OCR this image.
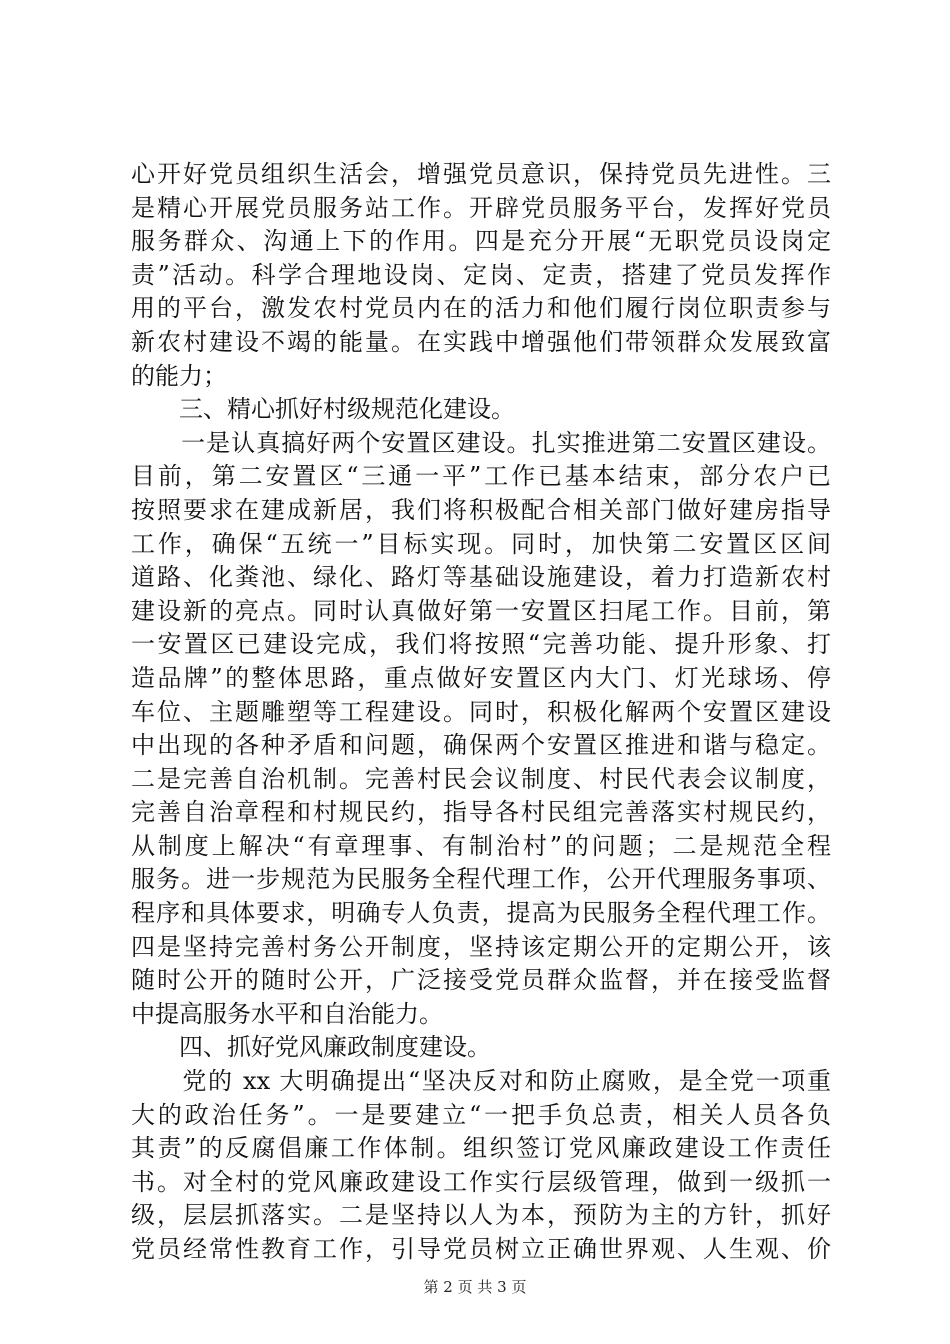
心开好党员组织生活会，增强党员意识，保持党员先进性。三
是精心开展党员服务站工作。开辟党员服务平台，发挥好党员
服务群众、沟通上下的作用。四是充分开展“无职党员设岗定
责”活动。科学合理地设岗、定岗、定责，搭建了党员发挥作
用的平台，激发农村党员内在的活力和他们履行岗位职责参与
新农村建设不竭的能量。在实践中增强他们带领群众发展致富
的能力；
　　三、精心抓好村级规范化建设。
　　一是认真搞好两个安置区建设。扎实推进第二安置区建设。
目前，第二安置区“三通一平”工作已基本结束，部分农户已
按照要求在建成新居，我们将积极配合相关部门做好建房指导
工作，确保“五统一”目标实现。同时，加快第二安置区区间
道路、化粪池、绿化、路灯等基础设施建设，着力打造新农村
建设新的亮点。同时认真做好第一安置区扫尾工作。目前，第
一安置区已建设完成，我们将按照“完善功能、提升形象、打
造品牌”的整体思路，重点做好安置区内大门、灯光球场、停
车位、主题雕塑等工程建设。同时，积极化解两个安置区建设
中出现的各种矛盾和问题，确保两个安置区推进和谐与稳定。
二是完善自治机制。完善村民会议制度、村民代表会议制度，
完善自治章程和村规民约，指导各村民组完善落实村规民约，
从制度上解决“有章理事、有制治村”的问题；二是规范全程
服务。进一步规范为民服务全程代理工作，公开代理服务事项、
程序和具体要求，明确专人负责，提高为民服务全程代理工作。
四是坚持完善村务公开制度，坚持该定期公开的定期公开，该
随时公开的随时公开，广泛接受党员群众监督，并在接受监督
中提高服务水平和自治能力。
　　四、抓好党风廉政制度建设。
　　党的 xx 大明确提出“坚决反对和防止腐败，是全党一项重
大的政治任务”。一是要建立“一把手负总责，相关人员各负
其责”的反腐倡廉工作体制。组织签订党风廉政建设工作责任
书。对全村的党风廉政建设工作实行层级管理，做到一级抓一
级，层层抓落实。二是坚持以人为本，预防为主的方针，抓好
党员经常性教育工作，引导党员树立正确世界观、人生观、价
第 2 页 共 3 页
